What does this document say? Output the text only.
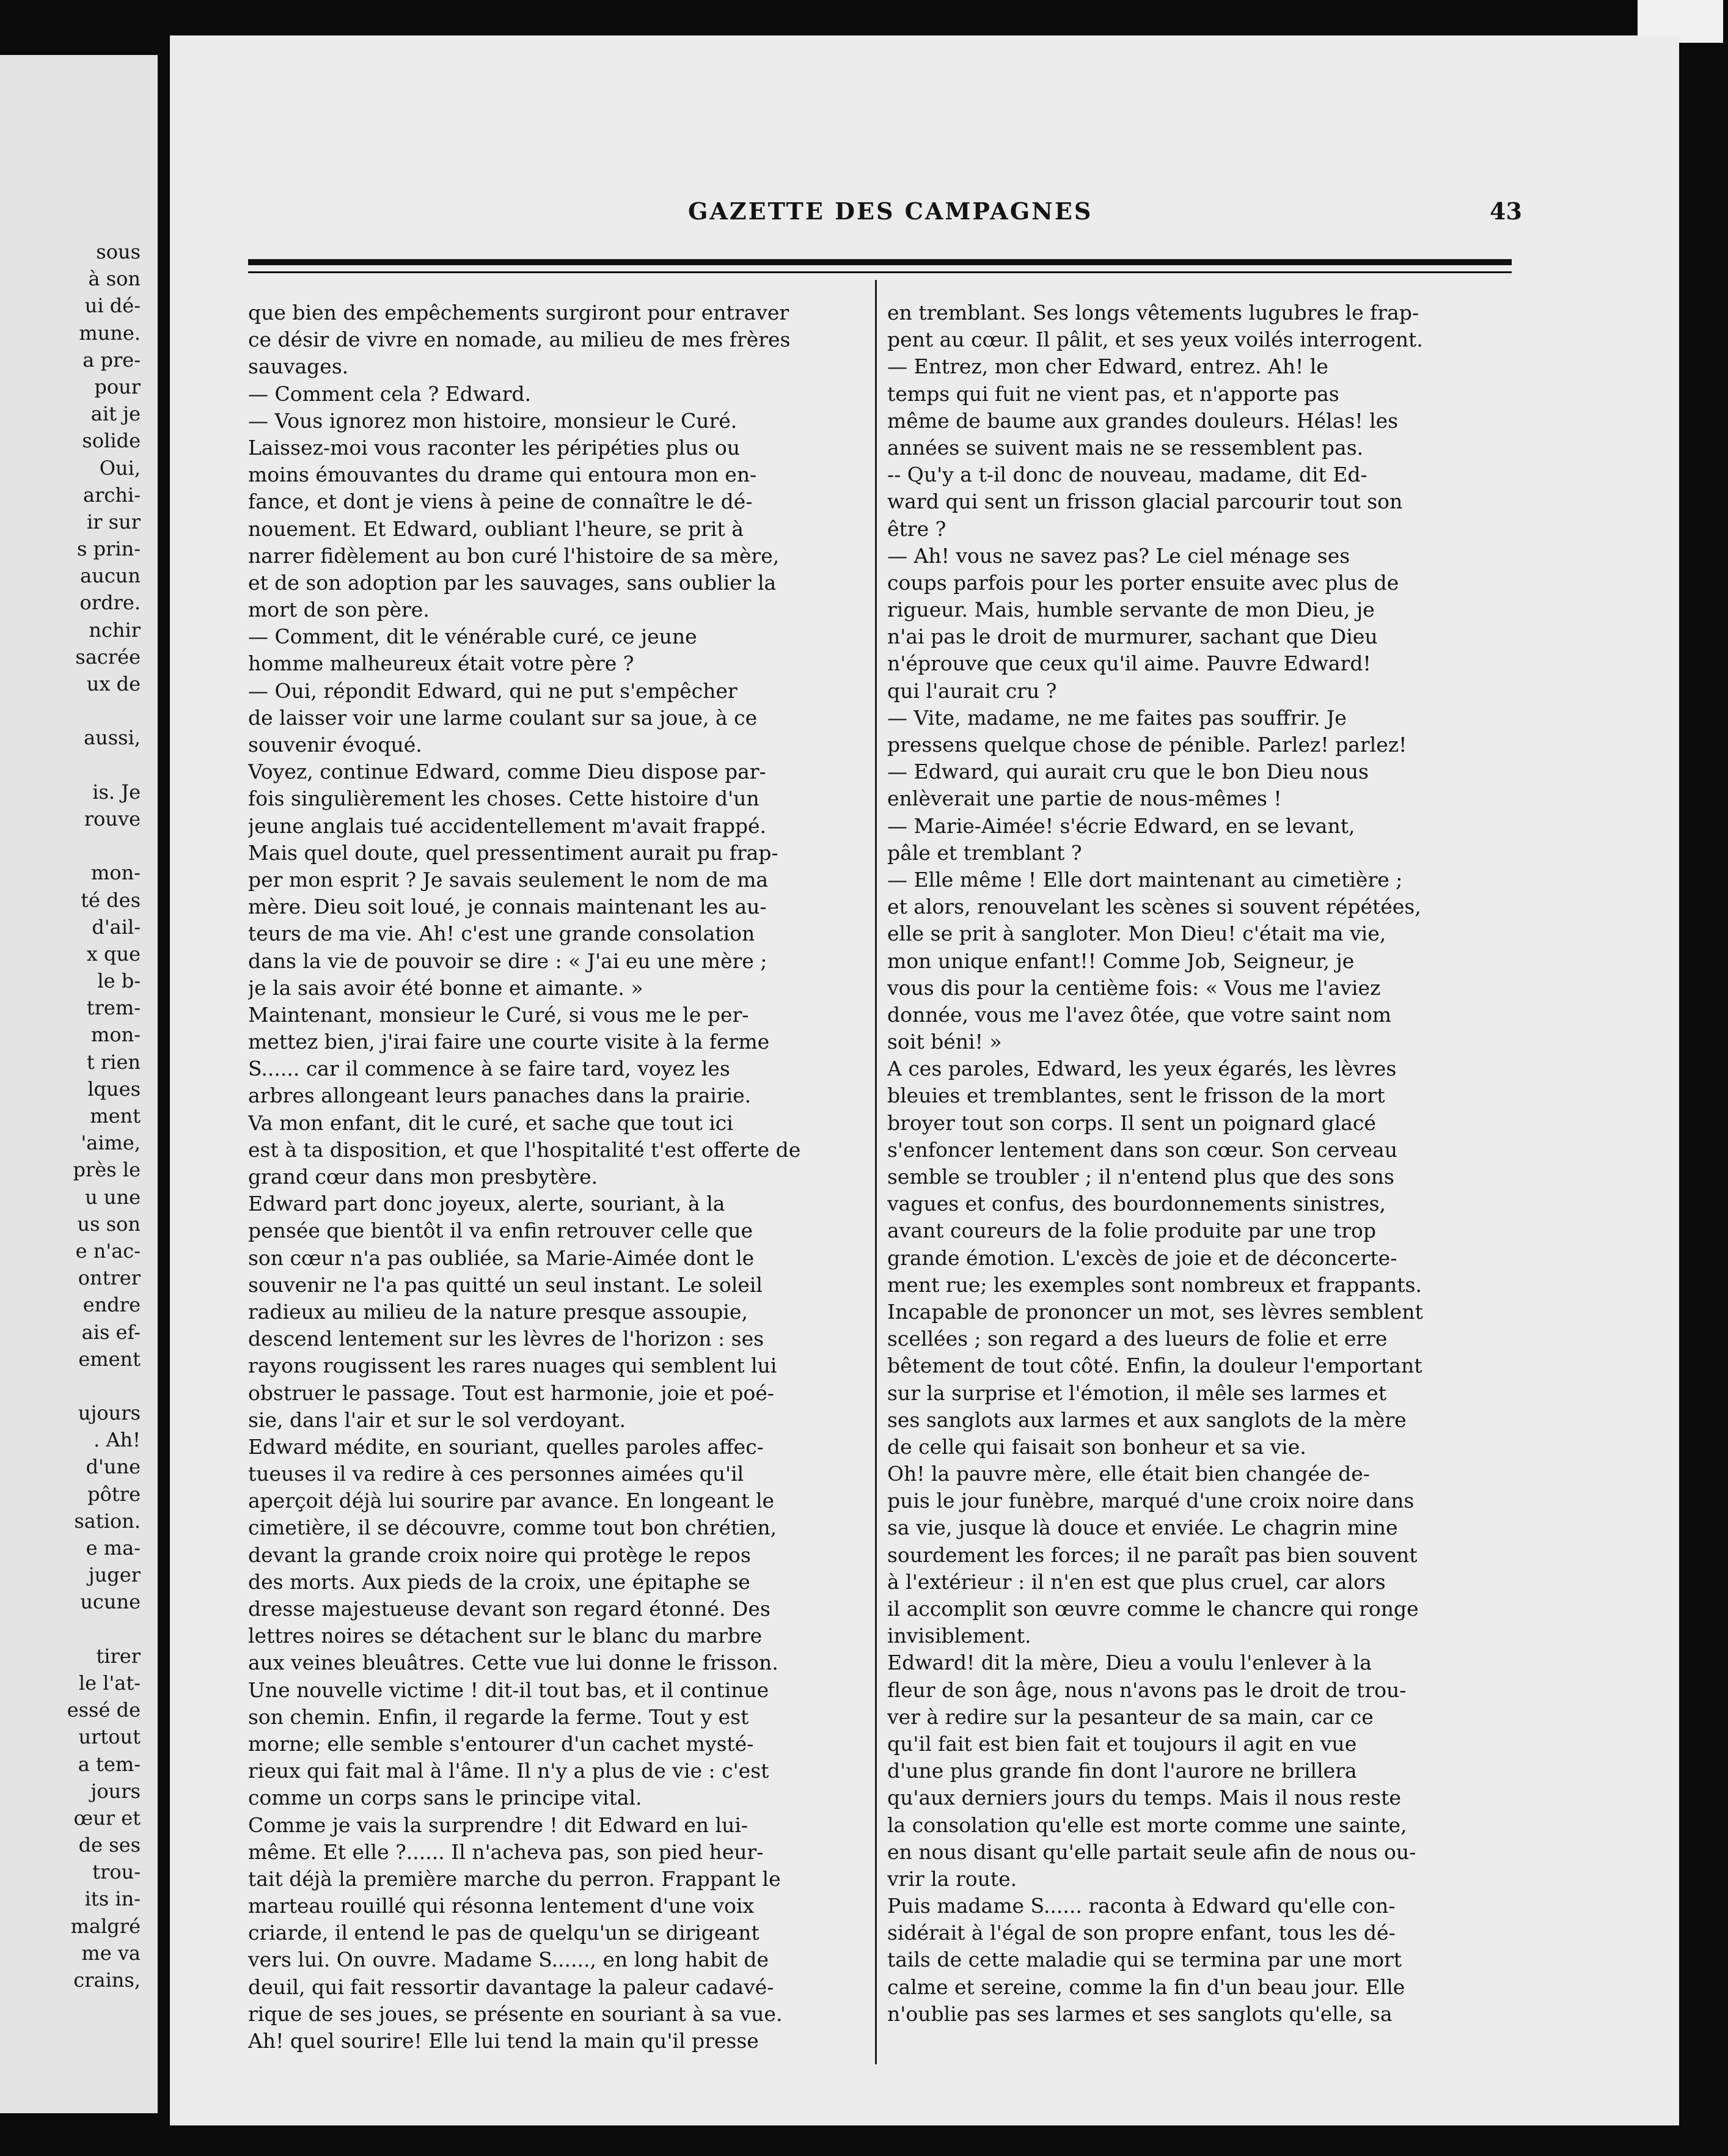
sous
à son
ui dé-
mune.
a pre-
pour
ait je
solide
Oui,
archi-
ir sur
s prin-
aucun
ordre.
nchir
sacrée
ux de
aussi,
is. Je
rouve
mon-
té des
d'ail-
x que
le b-
trem-
mon-
t rien
lques
ment
'aime,
près le
u une
us son
e n'ac-
ontrer
endre
ais ef-
ement
ujours
. Ah!
d'une
pôtre
sation.
e ma-
juger
ucune
tirer
le l'at-
essé de
urtout
a tem-
jours
œur et
de ses
trou-
its in-
malgré
me va
crains,
GAZETTE DES CAMPAGNES	43
que bien des empêchements surgiront pour entraver
ce désir de vivre en nomade, au milieu de mes frères
sauvages.
— Comment cela ? Edward.
— Vous ignorez mon histoire, monsieur le Curé.
Laissez-moi vous raconter les péripéties plus ou
moins émouvantes du drame qui entoura mon en-
fance, et dont je viens à peine de connaître le dé-
nouement. Et Edward, oubliant l'heure, se prit à
narrer fidèlement au bon curé l'histoire de sa mère,
et de son adoption par les sauvages, sans oublier la
mort de son père.
— Comment, dit le vénérable curé, ce jeune
homme malheureux était votre père ?
— Oui, répondit Edward, qui ne put s'empêcher
de laisser voir une larme coulant sur sa joue, à ce
souvenir évoqué.
Voyez, continue Edward, comme Dieu dispose par-
fois singulièrement les choses. Cette histoire d'un
jeune anglais tué accidentellement m'avait frappé.
Mais quel doute, quel pressentiment aurait pu frap-
per mon esprit ? Je savais seulement le nom de ma
mère. Dieu soit loué, je connais maintenant les au-
teurs de ma vie. Ah! c'est une grande consolation
dans la vie de pouvoir se dire : « J'ai eu une mère ;
je la sais avoir été bonne et aimante. »
Maintenant, monsieur le Curé, si vous me le per-
mettez bien, j'irai faire une courte visite à la ferme
S...... car il commence à se faire tard, voyez les
arbres allongeant leurs panaches dans la prairie.
Va mon enfant, dit le curé, et sache que tout ici
est à ta disposition, et que l'hospitalité t'est offerte de
grand cœur dans mon presbytère.
Edward part donc joyeux, alerte, souriant, à la
pensée que bientôt il va enfin retrouver celle que
son cœur n'a pas oubliée, sa Marie-Aimée dont le
souvenir ne l'a pas quitté un seul instant. Le soleil
radieux au milieu de la nature presque assoupie,
descend lentement sur les lèvres de l'horizon : ses
rayons rougissent les rares nuages qui semblent lui
obstruer le passage. Tout est harmonie, joie et poé-
sie, dans l'air et sur le sol verdoyant.
Edward médite, en souriant, quelles paroles affec-
tueuses il va redire à ces personnes aimées qu'il
aperçoit déjà lui sourire par avance. En longeant le
cimetière, il se découvre, comme tout bon chrétien,
devant la grande croix noire qui protège le repos
des morts. Aux pieds de la croix, une épitaphe se
dresse majestueuse devant son regard étonné. Des
lettres noires se détachent sur le blanc du marbre
aux veines bleuâtres. Cette vue lui donne le frisson.
Une nouvelle victime ! dit-il tout bas, et il continue
son chemin. Enfin, il regarde la ferme. Tout y est
morne; elle semble s'entourer d'un cachet mysté-
rieux qui fait mal à l'âme. Il n'y a plus de vie : c'est
comme un corps sans le principe vital.
Comme je vais la surprendre ! dit Edward en lui-
même. Et elle ?...... Il n'acheva pas, son pied heur-
tait déjà la première marche du perron. Frappant le
marteau rouillé qui résonna lentement d'une voix
criarde, il entend le pas de quelqu'un se dirigeant
vers lui. On ouvre. Madame S......, en long habit de
deuil, qui fait ressortir davantage la paleur cadavé-
rique de ses joues, se présente en souriant à sa vue.
Ah! quel sourire! Elle lui tend la main qu'il presse
en tremblant. Ses longs vêtements lugubres le frap-
pent au cœur. Il pâlit, et ses yeux voilés interrogent.
— Entrez, mon cher Edward, entrez. Ah! le
temps qui fuit ne vient pas, et n'apporte pas
même de baume aux grandes douleurs. Hélas! les
années se suivent mais ne se ressemblent pas.
-- Qu'y a t-il donc de nouveau, madame, dit Ed-
ward qui sent un frisson glacial parcourir tout son
être ?
— Ah! vous ne savez pas? Le ciel ménage ses
coups parfois pour les porter ensuite avec plus de
rigueur. Mais, humble servante de mon Dieu, je
n'ai pas le droit de murmurer, sachant que Dieu
n'éprouve que ceux qu'il aime. Pauvre Edward!
qui l'aurait cru ?
— Vite, madame, ne me faites pas souffrir. Je
pressens quelque chose de pénible. Parlez! parlez!
— Edward, qui aurait cru que le bon Dieu nous
enlèverait une partie de nous-mêmes !
— Marie-Aimée! s'écrie Edward, en se levant,
pâle et tremblant ?
— Elle même ! Elle dort maintenant au cimetière ;
et alors, renouvelant les scènes si souvent répétées,
elle se prit à sangloter. Mon Dieu! c'était ma vie,
mon unique enfant!! Comme Job, Seigneur, je
vous dis pour la centième fois: « Vous me l'aviez
donnée, vous me l'avez ôtée, que votre saint nom
soit béni! »
A ces paroles, Edward, les yeux égarés, les lèvres
bleuies et tremblantes, sent le frisson de la mort
broyer tout son corps. Il sent un poignard glacé
s'enfoncer lentement dans son cœur. Son cerveau
semble se troubler ; il n'entend plus que des sons
vagues et confus, des bourdonnements sinistres,
avant coureurs de la folie produite par une trop
grande émotion. L'excès de joie et de déconcerte-
ment rue; les exemples sont nombreux et frappants.
Incapable de prononcer un mot, ses lèvres semblent
scellées ; son regard a des lueurs de folie et erre
bêtement de tout côté. Enfin, la douleur l'emportant
sur la surprise et l'émotion, il mêle ses larmes et
ses sanglots aux larmes et aux sanglots de la mère
de celle qui faisait son bonheur et sa vie.
Oh! la pauvre mère, elle était bien changée de-
puis le jour funèbre, marqué d'une croix noire dans
sa vie, jusque là douce et enviée. Le chagrin mine
sourdement les forces; il ne paraît pas bien souvent
à l'extérieur : il n'en est que plus cruel, car alors
il accomplit son œuvre comme le chancre qui ronge
invisiblement.
Edward! dit la mère, Dieu a voulu l'enlever à la
fleur de son âge, nous n'avons pas le droit de trou-
ver à redire sur la pesanteur de sa main, car ce
qu'il fait est bien fait et toujours il agit en vue
d'une plus grande fin dont l'aurore ne brillera
qu'aux derniers jours du temps. Mais il nous reste
la consolation qu'elle est morte comme une sainte,
en nous disant qu'elle partait seule afin de nous ou-
vrir la route.
Puis madame S...... raconta à Edward qu'elle con-
sidérait à l'égal de son propre enfant, tous les dé-
tails de cette maladie qui se termina par une mort
calme et sereine, comme la fin d'un beau jour. Elle
n'oublie pas ses larmes et ses sanglots qu'elle, sa
